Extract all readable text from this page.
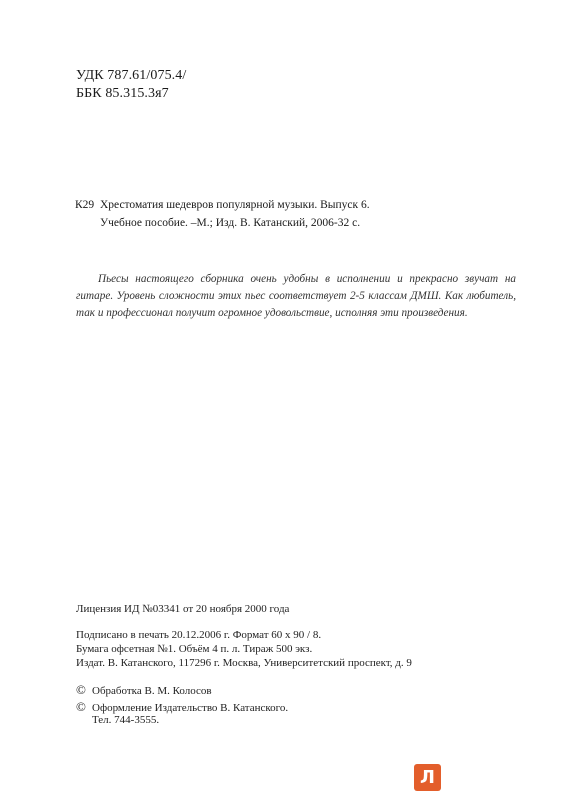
УДК 787.61/075.4/
ББК 85.315.3я7
К29 Хрестоматия шедевров популярной музыки. Выпуск 6.
Учебное пособие. –М.; Изд. В. Катанский, 2006-32 с.

Пьесы настоящего сборника очень удобны в исполнении и прекрасно звучат на гитаре. Уровень сложности этих пьес соответствует 2-5 классам ДМШ. Как любитель, так и профессионал получит огромное удовольствие, исполняя эти произведения.

Лицензия ИД №03341 от 20 ноября 2000 года
Подписано в печать 20.12.2006 г. Формат 60 х 90 / 8.
Бумага офсетная №1. Объём 4 п. л. Тираж 500 экз.
Издат. В. Катанского, 117296 г. Москва, Университетский проспект, д. 9
© Обработка В. М. Колосов
© Оформление Издательство В. Катанского.
Тел. 744-3555.
Л
